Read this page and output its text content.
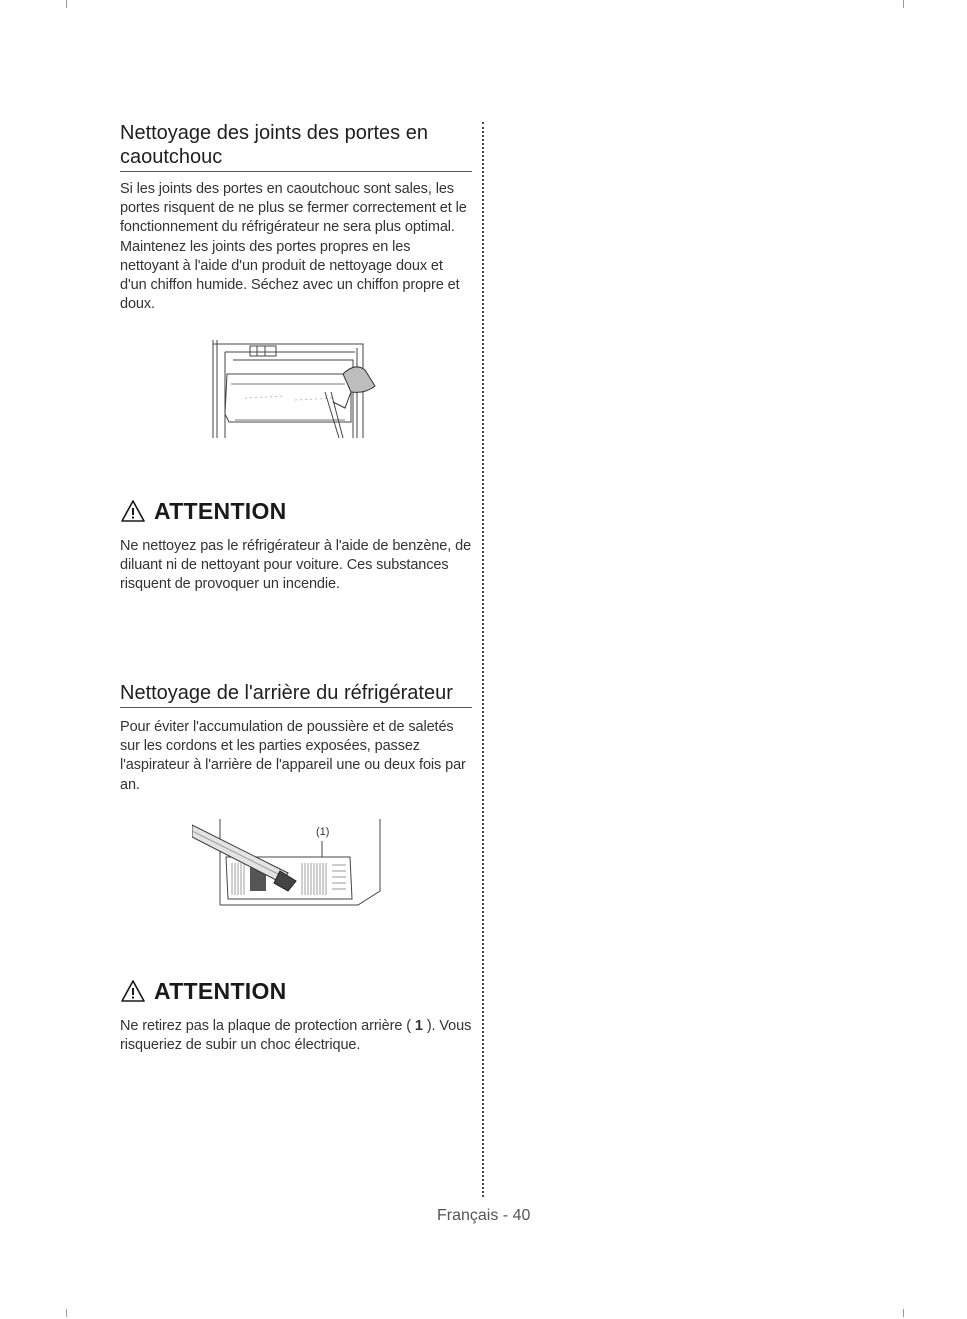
Nettoyage des joints des portes en caoutchouc

Si les joints des portes en caoutchouc sont sales, les portes risquent de ne plus se fermer correctement et le fonctionnement du réfrigérateur ne sera plus optimal. Maintenez les joints des portes propres en les nettoyant à l'aide d'un produit de nettoyage doux et d'un chiffon humide. Séchez avec un chiffon propre et doux.

ATTENTION

Ne nettoyez pas le réfrigérateur à l'aide de benzène, de diluant ni de nettoyant pour voiture. Ces substances risquent de provoquer un incendie.

Nettoyage de l'arrière du réfrigérateur

Pour éviter l'accumulation de poussière et de saletés sur les cordons et les parties exposées, passez l'aspirateur à l'arrière de l'appareil une ou deux fois par an.

(1)
ATTENTION

Ne retirez pas la plaque de protection arrière ( 1 ). Vous risqueriez de subir un choc électrique.

Français - 40
